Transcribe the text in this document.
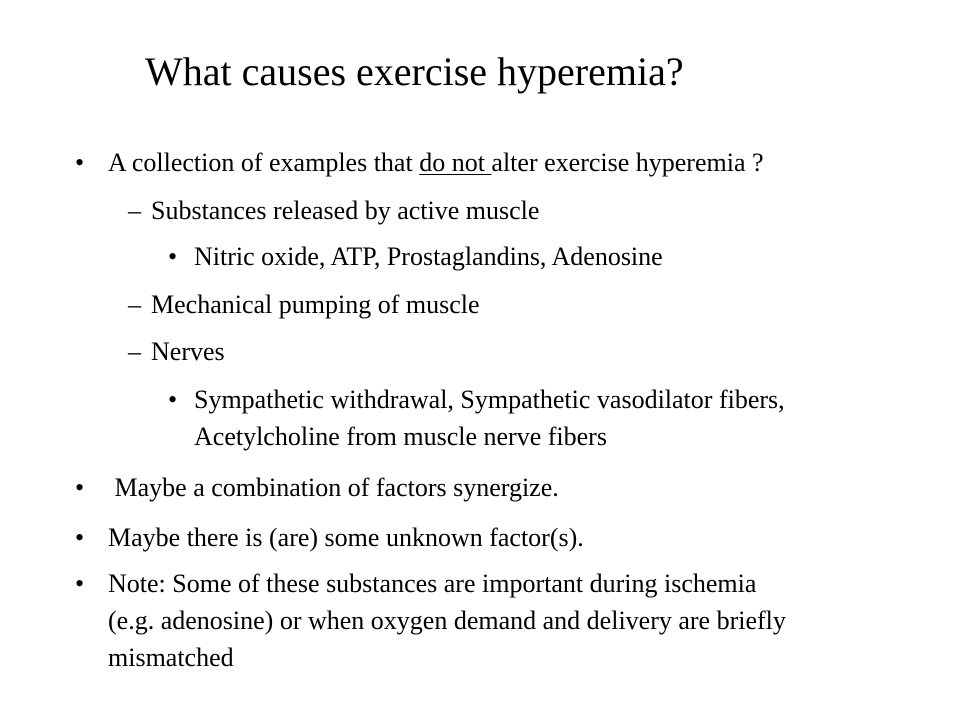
What causes exercise hyperemia?
• A collection of examples that do not alter exercise hyperemia ?
– Substances released by active muscle
• Nitric oxide, ATP, Prostaglandins, Adenosine
– Mechanical pumping of muscle
– Nerves
• Sympathetic withdrawal, Sympathetic vasodilator fibers,
Acetylcholine from muscle nerve fibers
• Maybe a combination of factors synergize.
• Maybe there is (are) some unknown factor(s).
• Note: Some of these substances are important during ischemia
(e.g. adenosine) or when oxygen demand and delivery are briefly
mismatched
